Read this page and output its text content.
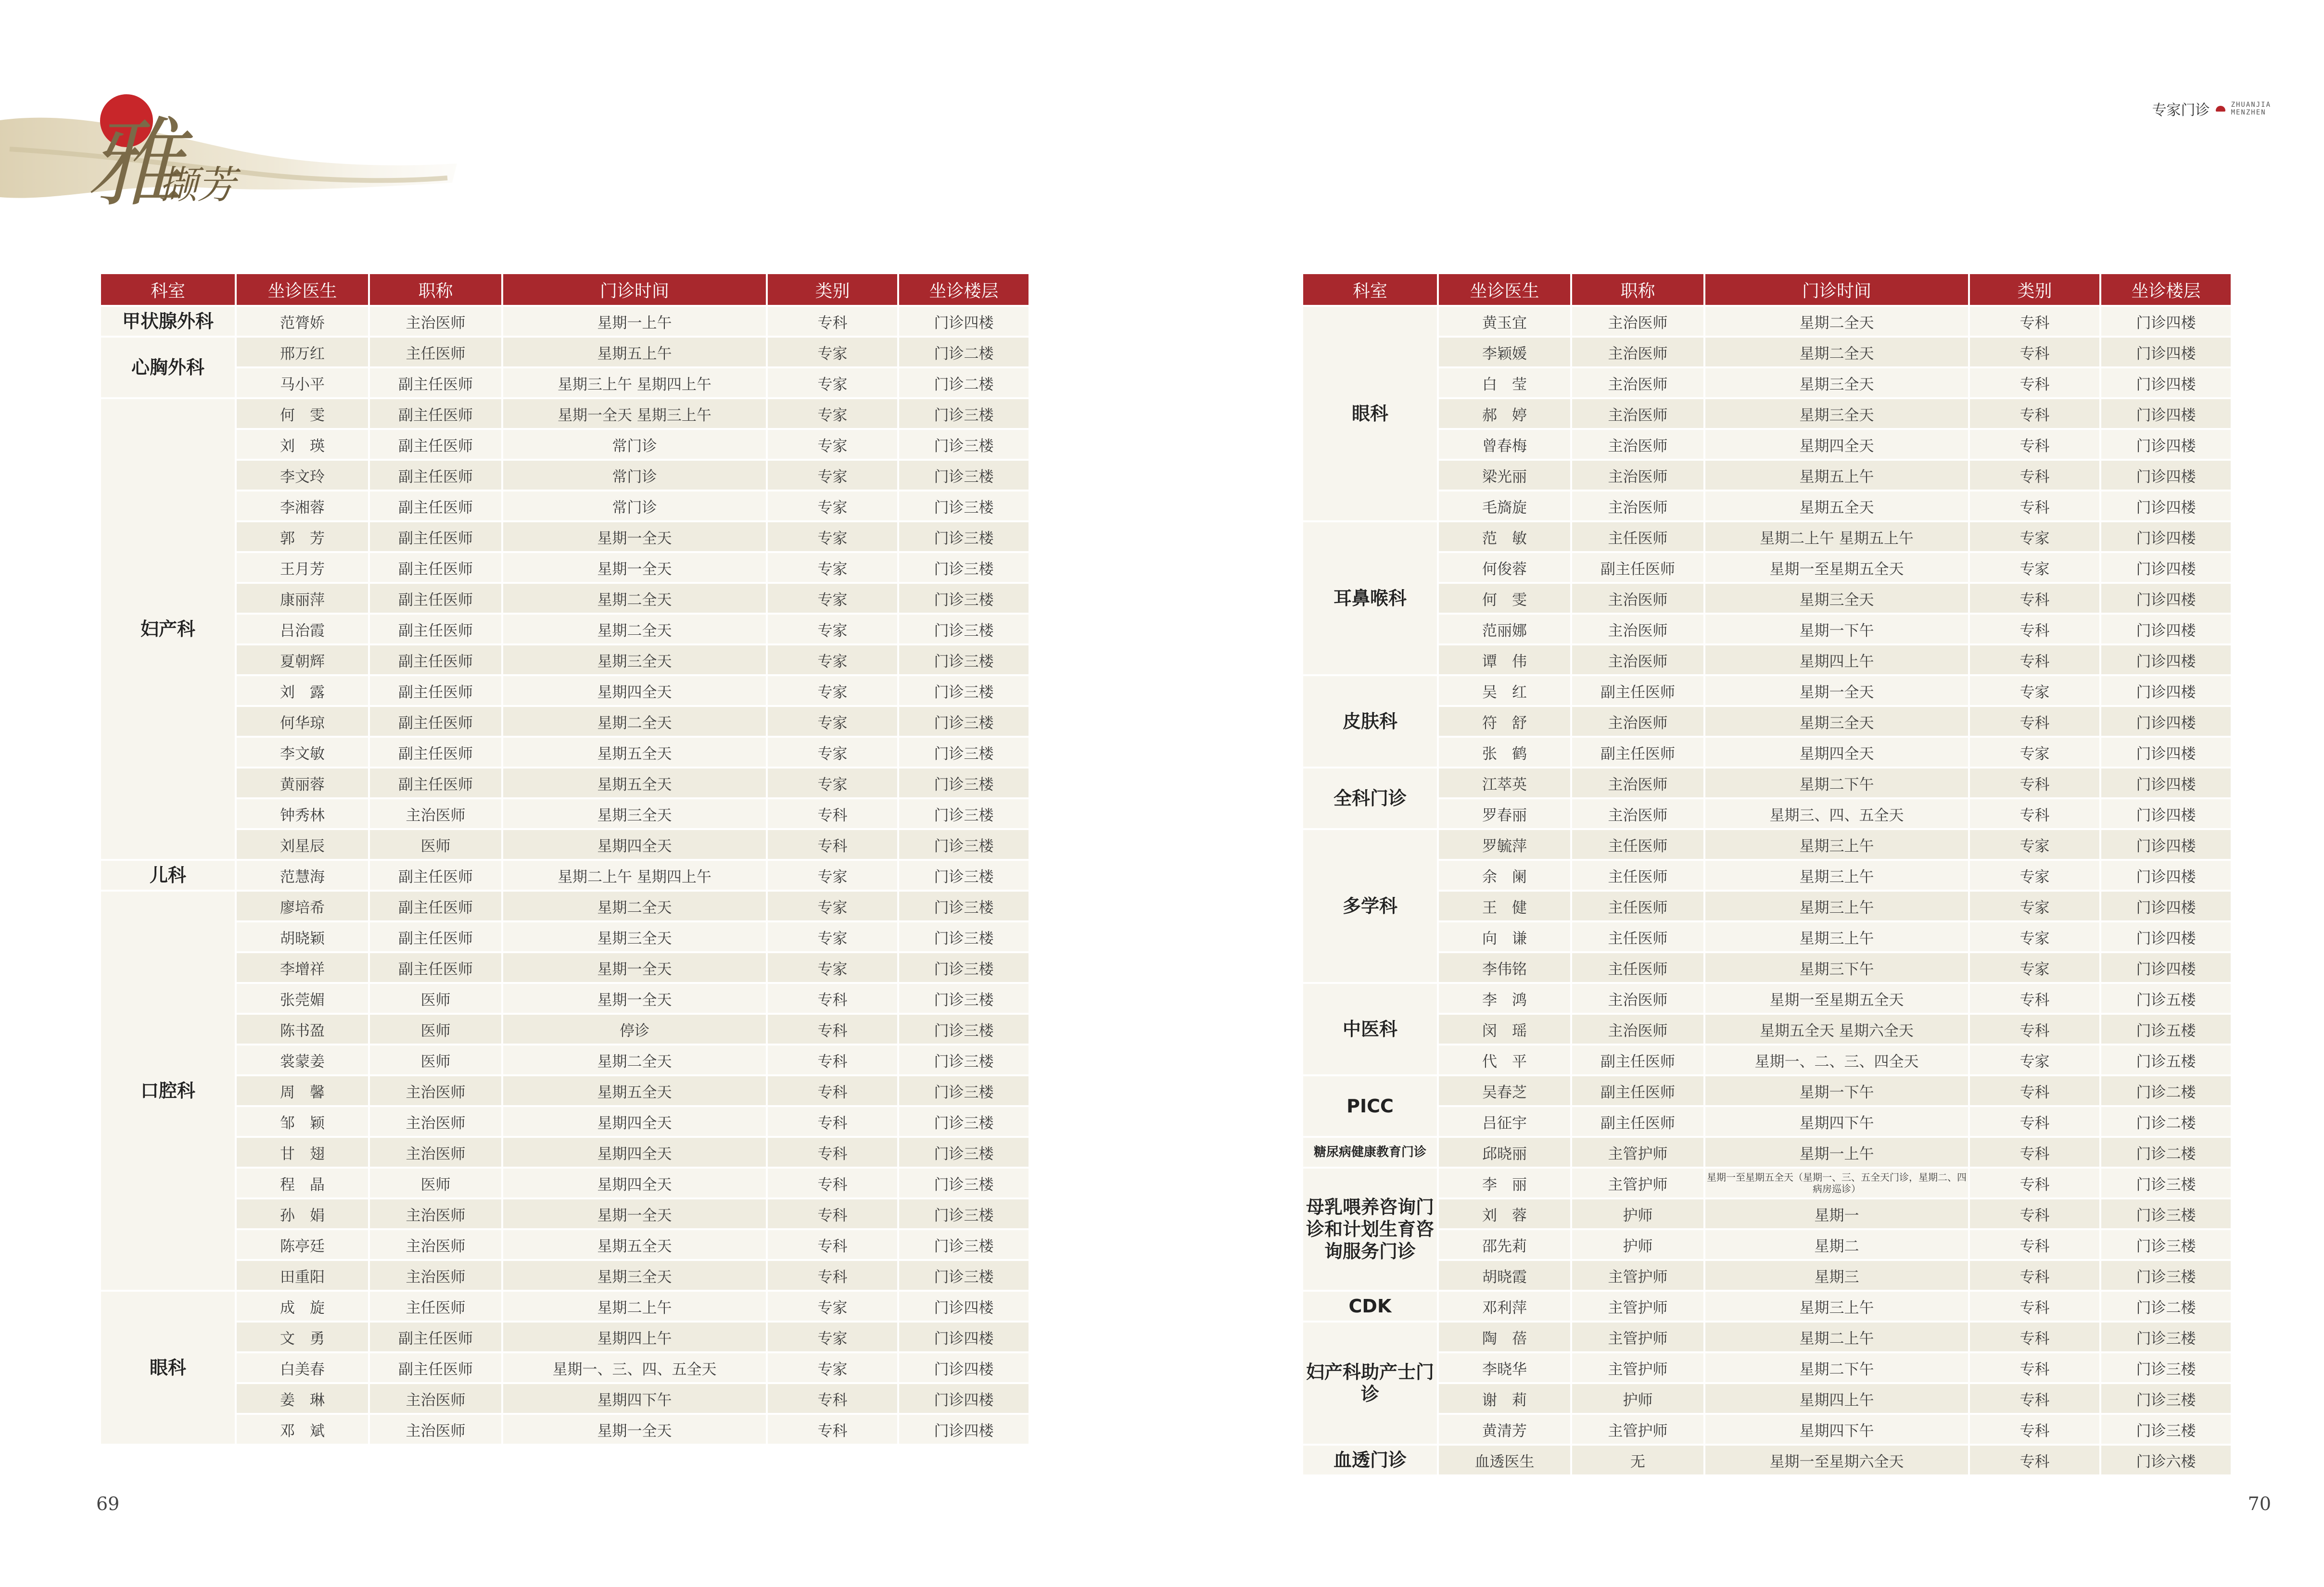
雅
撷芳
科室	坐诊医生	职称	门诊时间	类别	坐诊楼层
甲状腺外科	范膂娇	主治医师	星期一上午	专科	门诊四楼
心胸外科	邢万红	主任医师	星期五上午	专家	门诊二楼
	马小平	副主任医师	星期三上午 星期四上午	专家	门诊二楼
妇产科	何　雯	副主任医师	星期一全天 星期三上午	专家	门诊三楼
	刘　瑛	副主任医师	常门诊	专家	门诊三楼
	李文玲	副主任医师	常门诊	专家	门诊三楼
	李湘蓉	副主任医师	常门诊	专家	门诊三楼
	郭　芳	副主任医师	星期一全天	专家	门诊三楼
	王月芳	副主任医师	星期一全天	专家	门诊三楼
	康丽萍	副主任医师	星期二全天	专家	门诊三楼
	吕治霞	副主任医师	星期二全天	专家	门诊三楼
	夏朝辉	副主任医师	星期三全天	专家	门诊三楼
	刘　露	副主任医师	星期四全天	专家	门诊三楼
	何华琼	副主任医师	星期二全天	专家	门诊三楼
	李文敏	副主任医师	星期五全天	专家	门诊三楼
	黄丽蓉	副主任医师	星期五全天	专家	门诊三楼
	钟秀林	主治医师	星期三全天	专科	门诊三楼
	刘星辰	医师	星期四全天	专科	门诊三楼
儿科	范慧海	副主任医师	星期二上午 星期四上午	专家	门诊三楼
口腔科	廖培希	副主任医师	星期二全天	专家	门诊三楼
	胡晓颖	副主任医师	星期三全天	专家	门诊三楼
	李增祥	副主任医师	星期一全天	专家	门诊三楼
	张莞媚	医师	星期一全天	专科	门诊三楼
	陈书盈	医师	停诊	专科	门诊三楼
	裳蒙姜	医师	星期二全天	专科	门诊三楼
	周　馨	主治医师	星期五全天	专科	门诊三楼
	邹　颖	主治医师	星期四全天	专科	门诊三楼
	甘　翅	主治医师	星期四全天	专科	门诊三楼
	程　晶	医师	星期四全天	专科	门诊三楼
	孙　娟	主治医师	星期一全天	专科	门诊三楼
	陈亭廷	主治医师	星期五全天	专科	门诊三楼
	田重阳	主治医师	星期三全天	专科	门诊三楼
眼科	成　旋	主任医师	星期二上午	专家	门诊四楼
	文　勇	副主任医师	星期四上午	专家	门诊四楼
	白美春	副主任医师	星期一、三、四、五全天	专家	门诊四楼
	姜　琳	主治医师	星期四下午	专科	门诊四楼
	邓　斌	主治医师	星期一全天	专科	门诊四楼
69
专家门诊	ZHUANJIA
MENZHEN
科室	坐诊医生	职称	门诊时间	类别	坐诊楼层
眼科	黄玉宜	主治医师	星期二全天	专科	门诊四楼
	李颖媛	主治医师	星期二全天	专科	门诊四楼
	白　莹	主治医师	星期三全天	专科	门诊四楼
	郝　婷	主治医师	星期三全天	专科	门诊四楼
	曾春梅	主治医师	星期四全天	专科	门诊四楼
	梁光丽	主治医师	星期五上午	专科	门诊四楼
	毛旖旋	主治医师	星期五全天	专科	门诊四楼
耳鼻喉科	范　敏	主任医师	星期二上午 星期五上午	专家	门诊四楼
	何俊蓉	副主任医师	星期一至星期五全天	专家	门诊四楼
	何　雯	主治医师	星期三全天	专科	门诊四楼
	范丽娜	主治医师	星期一下午	专科	门诊四楼
	谭　伟	主治医师	星期四上午	专科	门诊四楼
皮肤科	吴　红	副主任医师	星期一全天	专家	门诊四楼
	符　舒	主治医师	星期三全天	专科	门诊四楼
	张　鹤	副主任医师	星期四全天	专家	门诊四楼
全科门诊	江萃英	主治医师	星期二下午	专科	门诊四楼
	罗春丽	主治医师	星期三、四、五全天	专科	门诊四楼
多学科	罗毓萍	主任医师	星期三上午	专家	门诊四楼
	余　阑	主任医师	星期三上午	专家	门诊四楼
	王　健	主任医师	星期三上午	专家	门诊四楼
	向　谦	主任医师	星期三上午	专家	门诊四楼
	李伟铭	主任医师	星期三下午	专家	门诊四楼
中医科	李　鸿	主治医师	星期一至星期五全天	专科	门诊五楼
	闵　瑶	主治医师	星期五全天 星期六全天	专科	门诊五楼
	代　平	副主任医师	星期一、二、三、四全天	专家	门诊五楼
PICC	吴春芝	副主任医师	星期一下午	专科	门诊二楼
	吕征宇	副主任医师	星期四下午	专科	门诊二楼
糖尿病健康教育门诊	邱晓丽	主管护师	星期一上午	专科	门诊二楼
母乳喂养咨询门诊和计划生育咨询服务门诊	李　丽	主管护师	星期一至星期五全天（星期一、三、五全天门诊，星期二、四病房巡诊）	专科	门诊三楼
	刘　蓉	护师	星期一	专科	门诊三楼
	邵先莉	护师	星期二	专科	门诊三楼
	胡晓霞	主管护师	星期三	专科	门诊三楼
CDK	邓利萍	主管护师	星期三上午	专科	门诊二楼
妇产科助产士门诊	陶　蓓	主管护师	星期二上午	专科	门诊三楼
	李晓华	主管护师	星期二下午	专科	门诊三楼
	谢　莉	护师	星期四上午	专科	门诊三楼
	黄清芳	主管护师	星期四下午	专科	门诊三楼
血透门诊	血透医生	无	星期一至星期六全天	专科	门诊六楼
70
